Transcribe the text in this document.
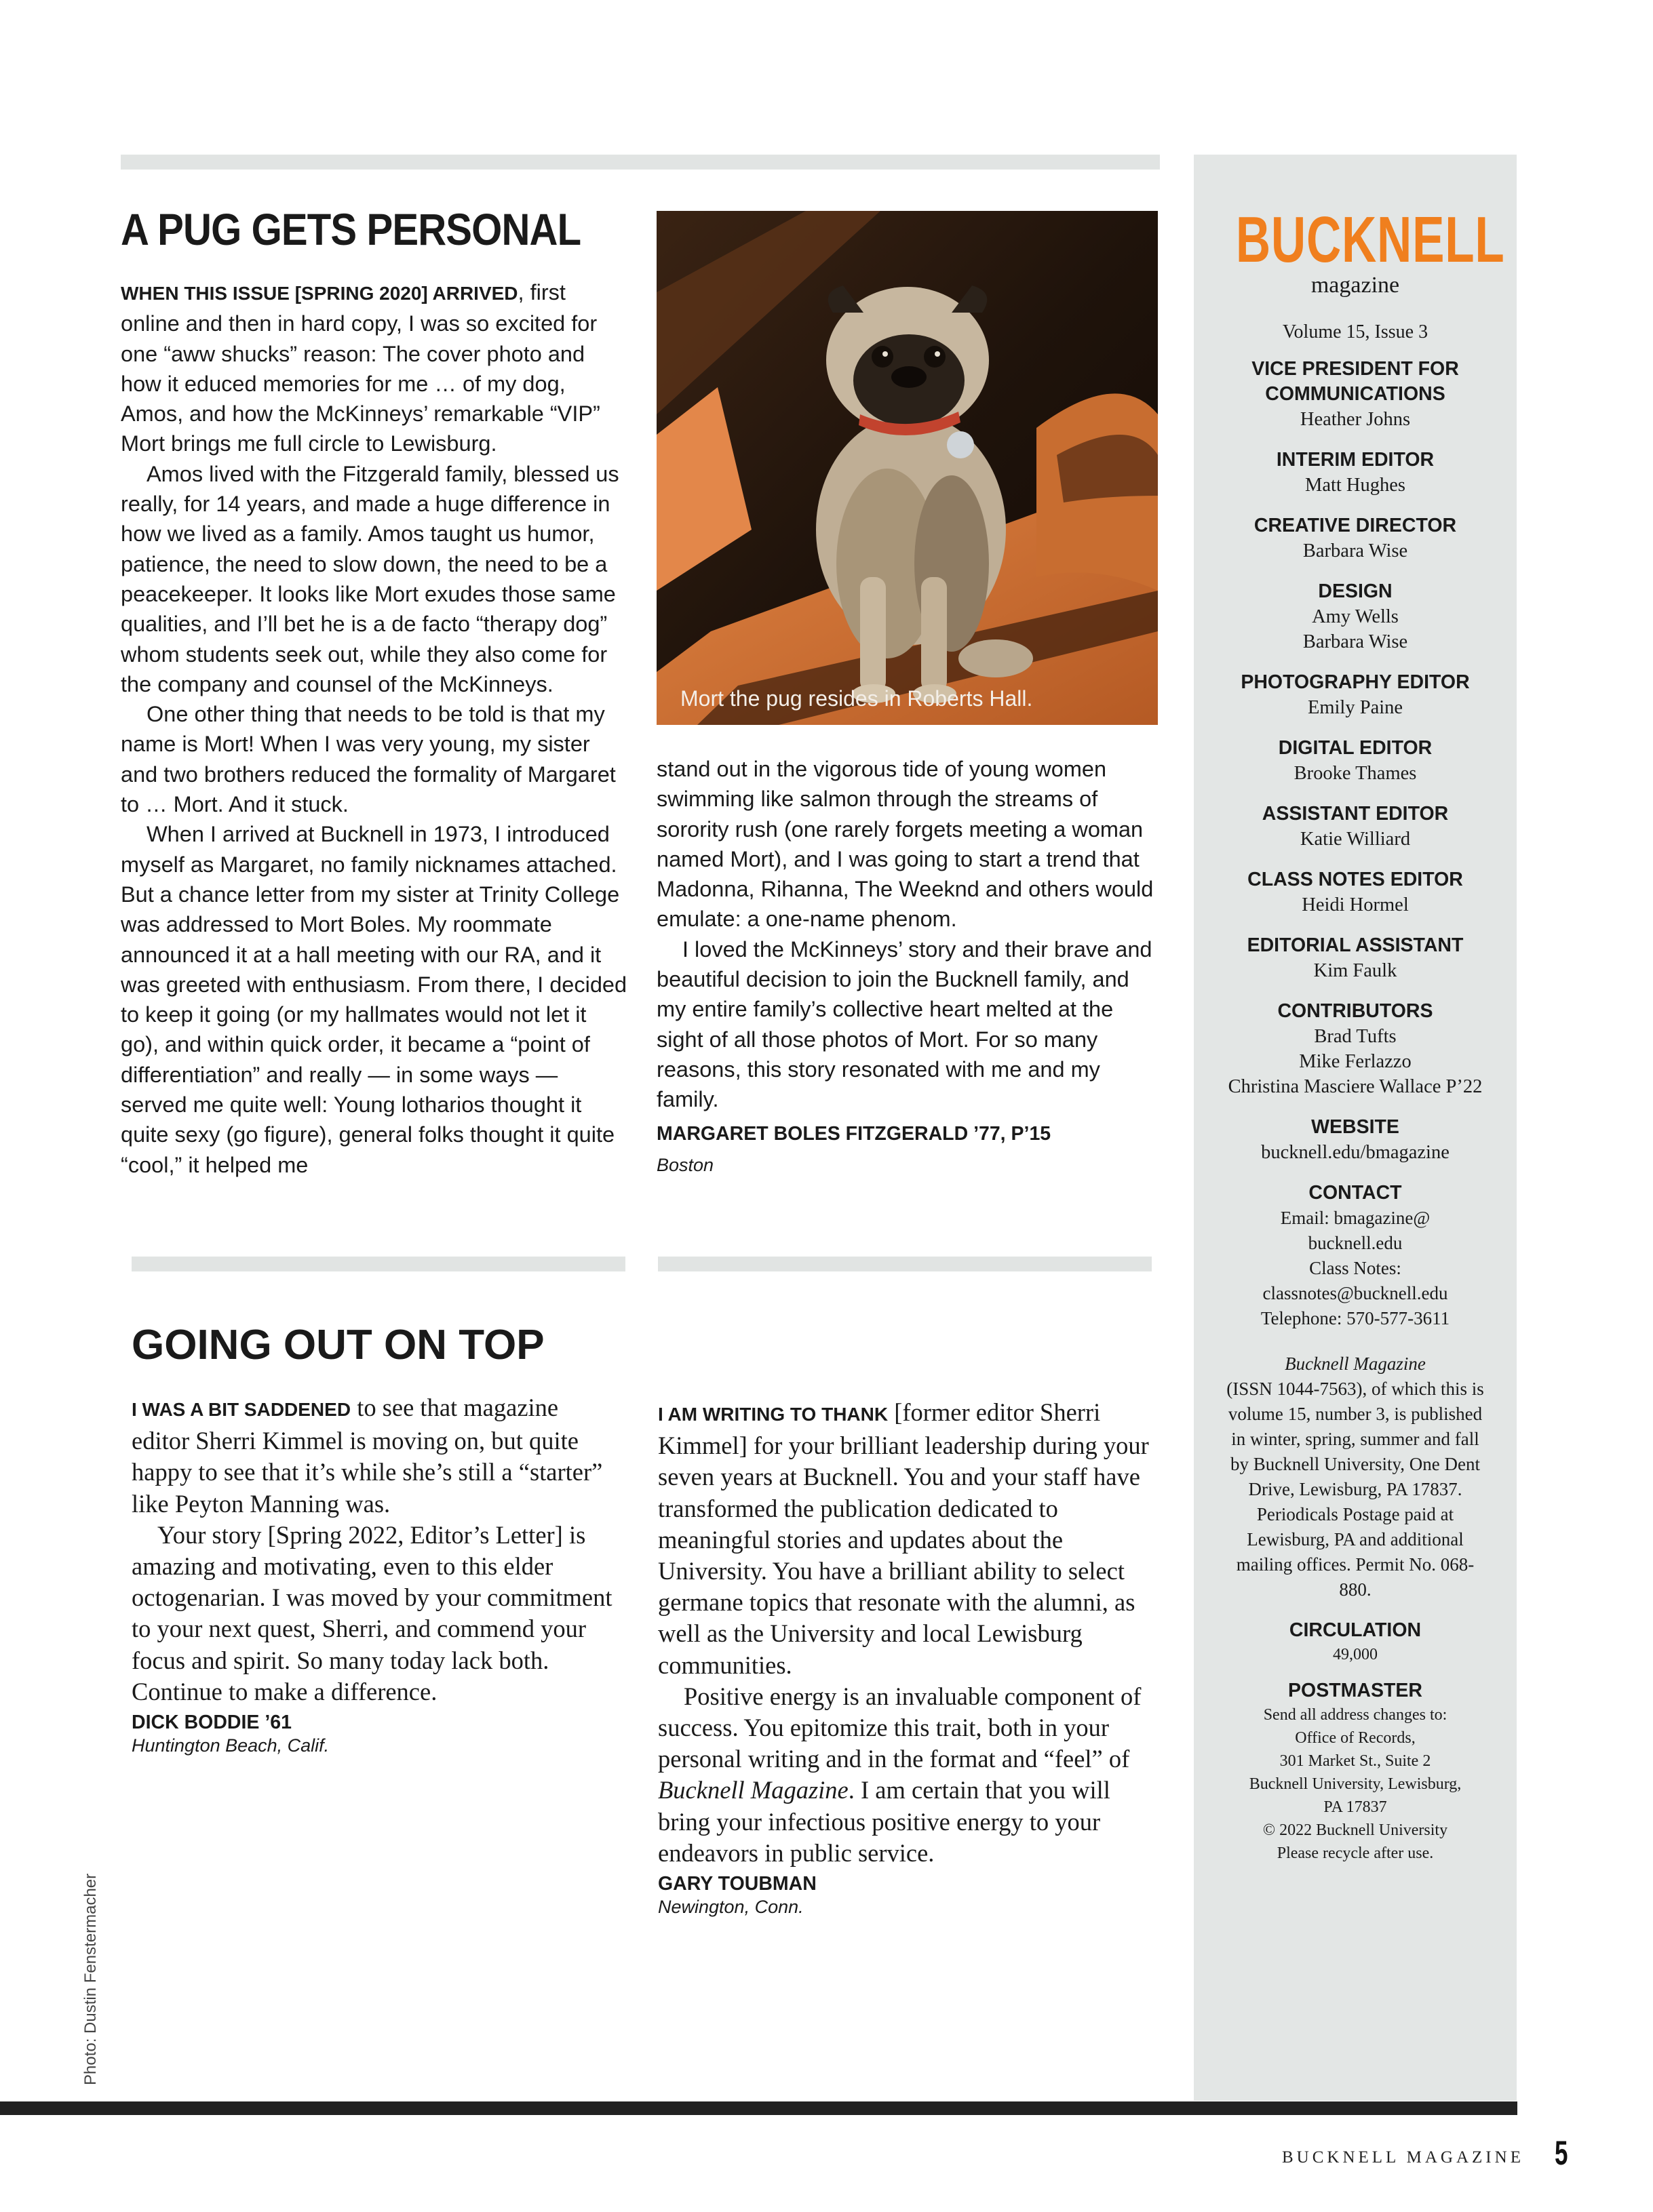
A PUG GETS PERSONAL

WHEN THIS ISSUE [SPRING 2020] ARRIVED, first online and then in hard copy, I was so excited for one “aww shucks” reason: The cover photo and how it educed memories for me … of my dog, Amos, and how the McKinneys’ remarkable “VIP” Mort brings me full circle to Lewisburg.

Amos lived with the Fitzgerald family, blessed us really, for 14 years, and made a huge difference in how we lived as a family. Amos taught us humor, patience, the need to slow down, the need to be a peacekeeper. It looks like Mort exudes those same qualities, and I’ll bet he is a de facto “therapy dog” whom students seek out, while they also come for the company and counsel of the McKinneys.

One other thing that needs to be told is that my name is Mort! When I was very young, my sister and two brothers reduced the formality of Margaret to … Mort. And it stuck.

When I arrived at Bucknell in 1973, I introduced myself as Margaret, no family nicknames attached. But a chance letter from my sister at Trinity College was addressed to Mort Boles. My roommate announced it at a hall meeting with our RA, and it was greeted with enthusiasm. From there, I decided to keep it going (or my hallmates would not let it go), and within quick order, it became a “point of differentiation” and really — in some ways — served me quite well: Young lotharios thought it quite sexy (go figure), general folks thought it quite “cool,” it helped me

Mort the pug resides in Roberts Hall.

stand out in the vigorous tide of young women swimming like salmon through the streams of sorority rush (one rarely forgets meeting a woman named Mort), and I was going to start a trend that Madonna, Rihanna, The Weeknd and others would emulate: a one-name phenom.

I loved the McKinneys’ story and their brave and beautiful decision to join the Bucknell family, and my entire family’s collective heart melted at the sight of all those photos of Mort. For so many reasons, this story resonated with me and my family.

MARGARET BOLES FITZGERALD ’77, P’15
Boston
GOING OUT ON TOP

I WAS A BIT SADDENED to see that magazine editor Sherri Kimmel is moving on, but quite happy to see that it’s while she’s still a “starter” like Peyton Manning was.

Your story [Spring 2022, Editor’s Letter] is amazing and motivating, even to this elder octogenarian. I was moved by your commitment to your next quest, Sherri, and commend your focus and spirit. So many today lack both. Continue to make a difference.

DICK BODDIE ’61
Huntington Beach, Calif.

I AM WRITING TO THANK [former editor Sherri Kimmel] for your brilliant leadership during your seven years at Bucknell. You and your staff have transformed the publication dedicated to meaningful stories and updates about the University. You have a brilliant ability to select germane topics that resonate with the alumni, as well as the University and local Lewisburg communities.

Positive energy is an invaluable component of success. You epitomize this trait, both in your personal writing and in the format and “feel” of Bucknell Magazine. I am certain that you will bring your infectious positive energy to your endeavors in public service.

GARY TOUBMAN
Newington, Conn.
Photo: Dustin Fenstermacher
BUCKNELL
magazine
Volume 15, Issue 3
VICE PRESIDENT FOR COMMUNICATIONS
Heather Johns
INTERIM EDITOR
Matt Hughes
CREATIVE DIRECTOR
Barbara Wise
DESIGN
Amy Wells
Barbara Wise
PHOTOGRAPHY EDITOR
Emily Paine
DIGITAL EDITOR
Brooke Thames
ASSISTANT EDITOR
Katie Williard
CLASS NOTES EDITOR
Heidi Hormel
EDITORIAL ASSISTANT
Kim Faulk
CONTRIBUTORS
Brad Tufts
Mike Ferlazzo
Christina Masciere Wallace P’22
WEBSITE
bucknell.edu/bmagazine
CONTACT
Email: bmagazine@
bucknell.edu
Class Notes:
classnotes@bucknell.edu
Telephone: 570-577-3611
Bucknell Magazine
(ISSN 1044-7563), of which this is volume 15, number 3, is published in winter, spring, summer and fall by Bucknell University, One Dent Drive, Lewisburg, PA 17837. Periodicals Postage paid at Lewisburg, PA and additional mailing offices. Permit No. 068-880.
CIRCULATION
49,000
POSTMASTER
Send all address changes to:
Office of Records,
301 Market St., Suite 2
Bucknell University, Lewisburg,
PA 17837
© 2022 Bucknell University
Please recycle after use.
BUCKNELL MAGAZINE 5
